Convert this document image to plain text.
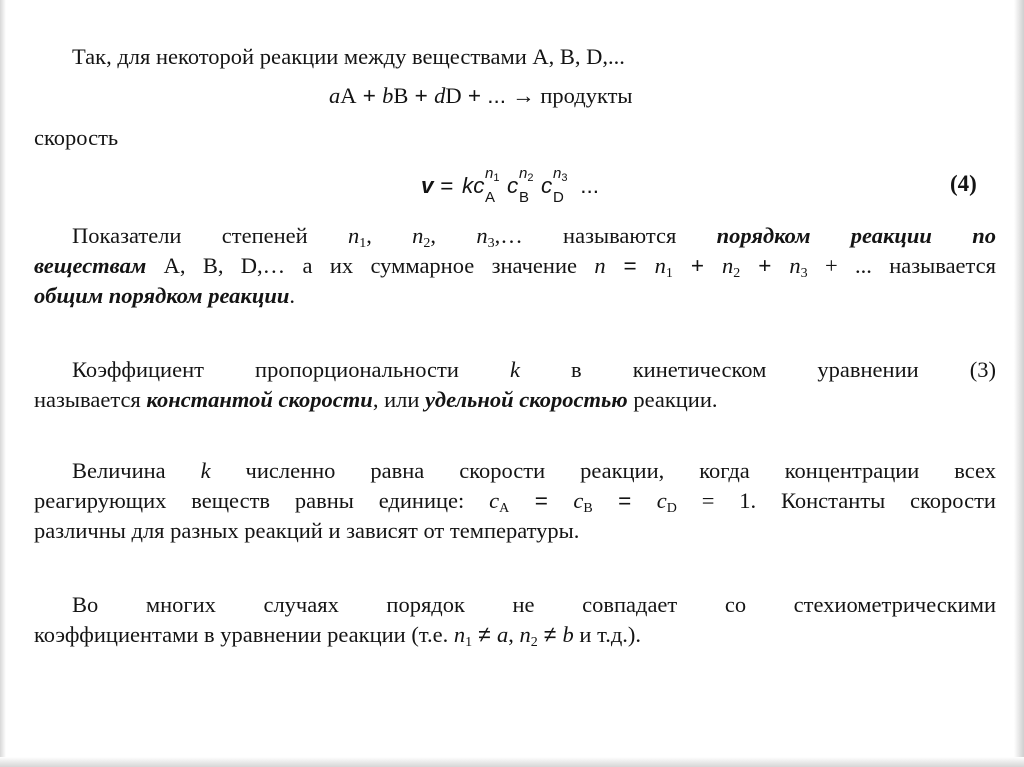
Так, для некоторой реакции между веществами A, B, D,...
aA + bB + dD + ... → продукты
скорость
v = kc $n_1$
A c $n_2$
B c $n_3$
D ...	(4)
Показатели степеней $n_1$, $n_2$, $n_3,\dots$ называются порядком реакции по
веществам A, B, D,… а их суммарное значение $n = n_1 + n_2 + n_3$ + ... называется
общим порядком реакции.
Коэффициент пропорциональности k в кинетическом уравнении (3)
называется константой скорости, или удельной скоростью реакции.
Величина k численно равна скорости реакции, когда концентрации всех
реагирующих веществ равны единице: $c_A = c_B = c_D = 1$. Константы скорости
различны для разных реакций и зависят от температуры.
Во многих случаях порядок не совпадает со стехиометрическими
коэффициентами в уравнении реакции (т.е. $n_1 \ne a$, $n_2 \ne b$ и т.д.).
